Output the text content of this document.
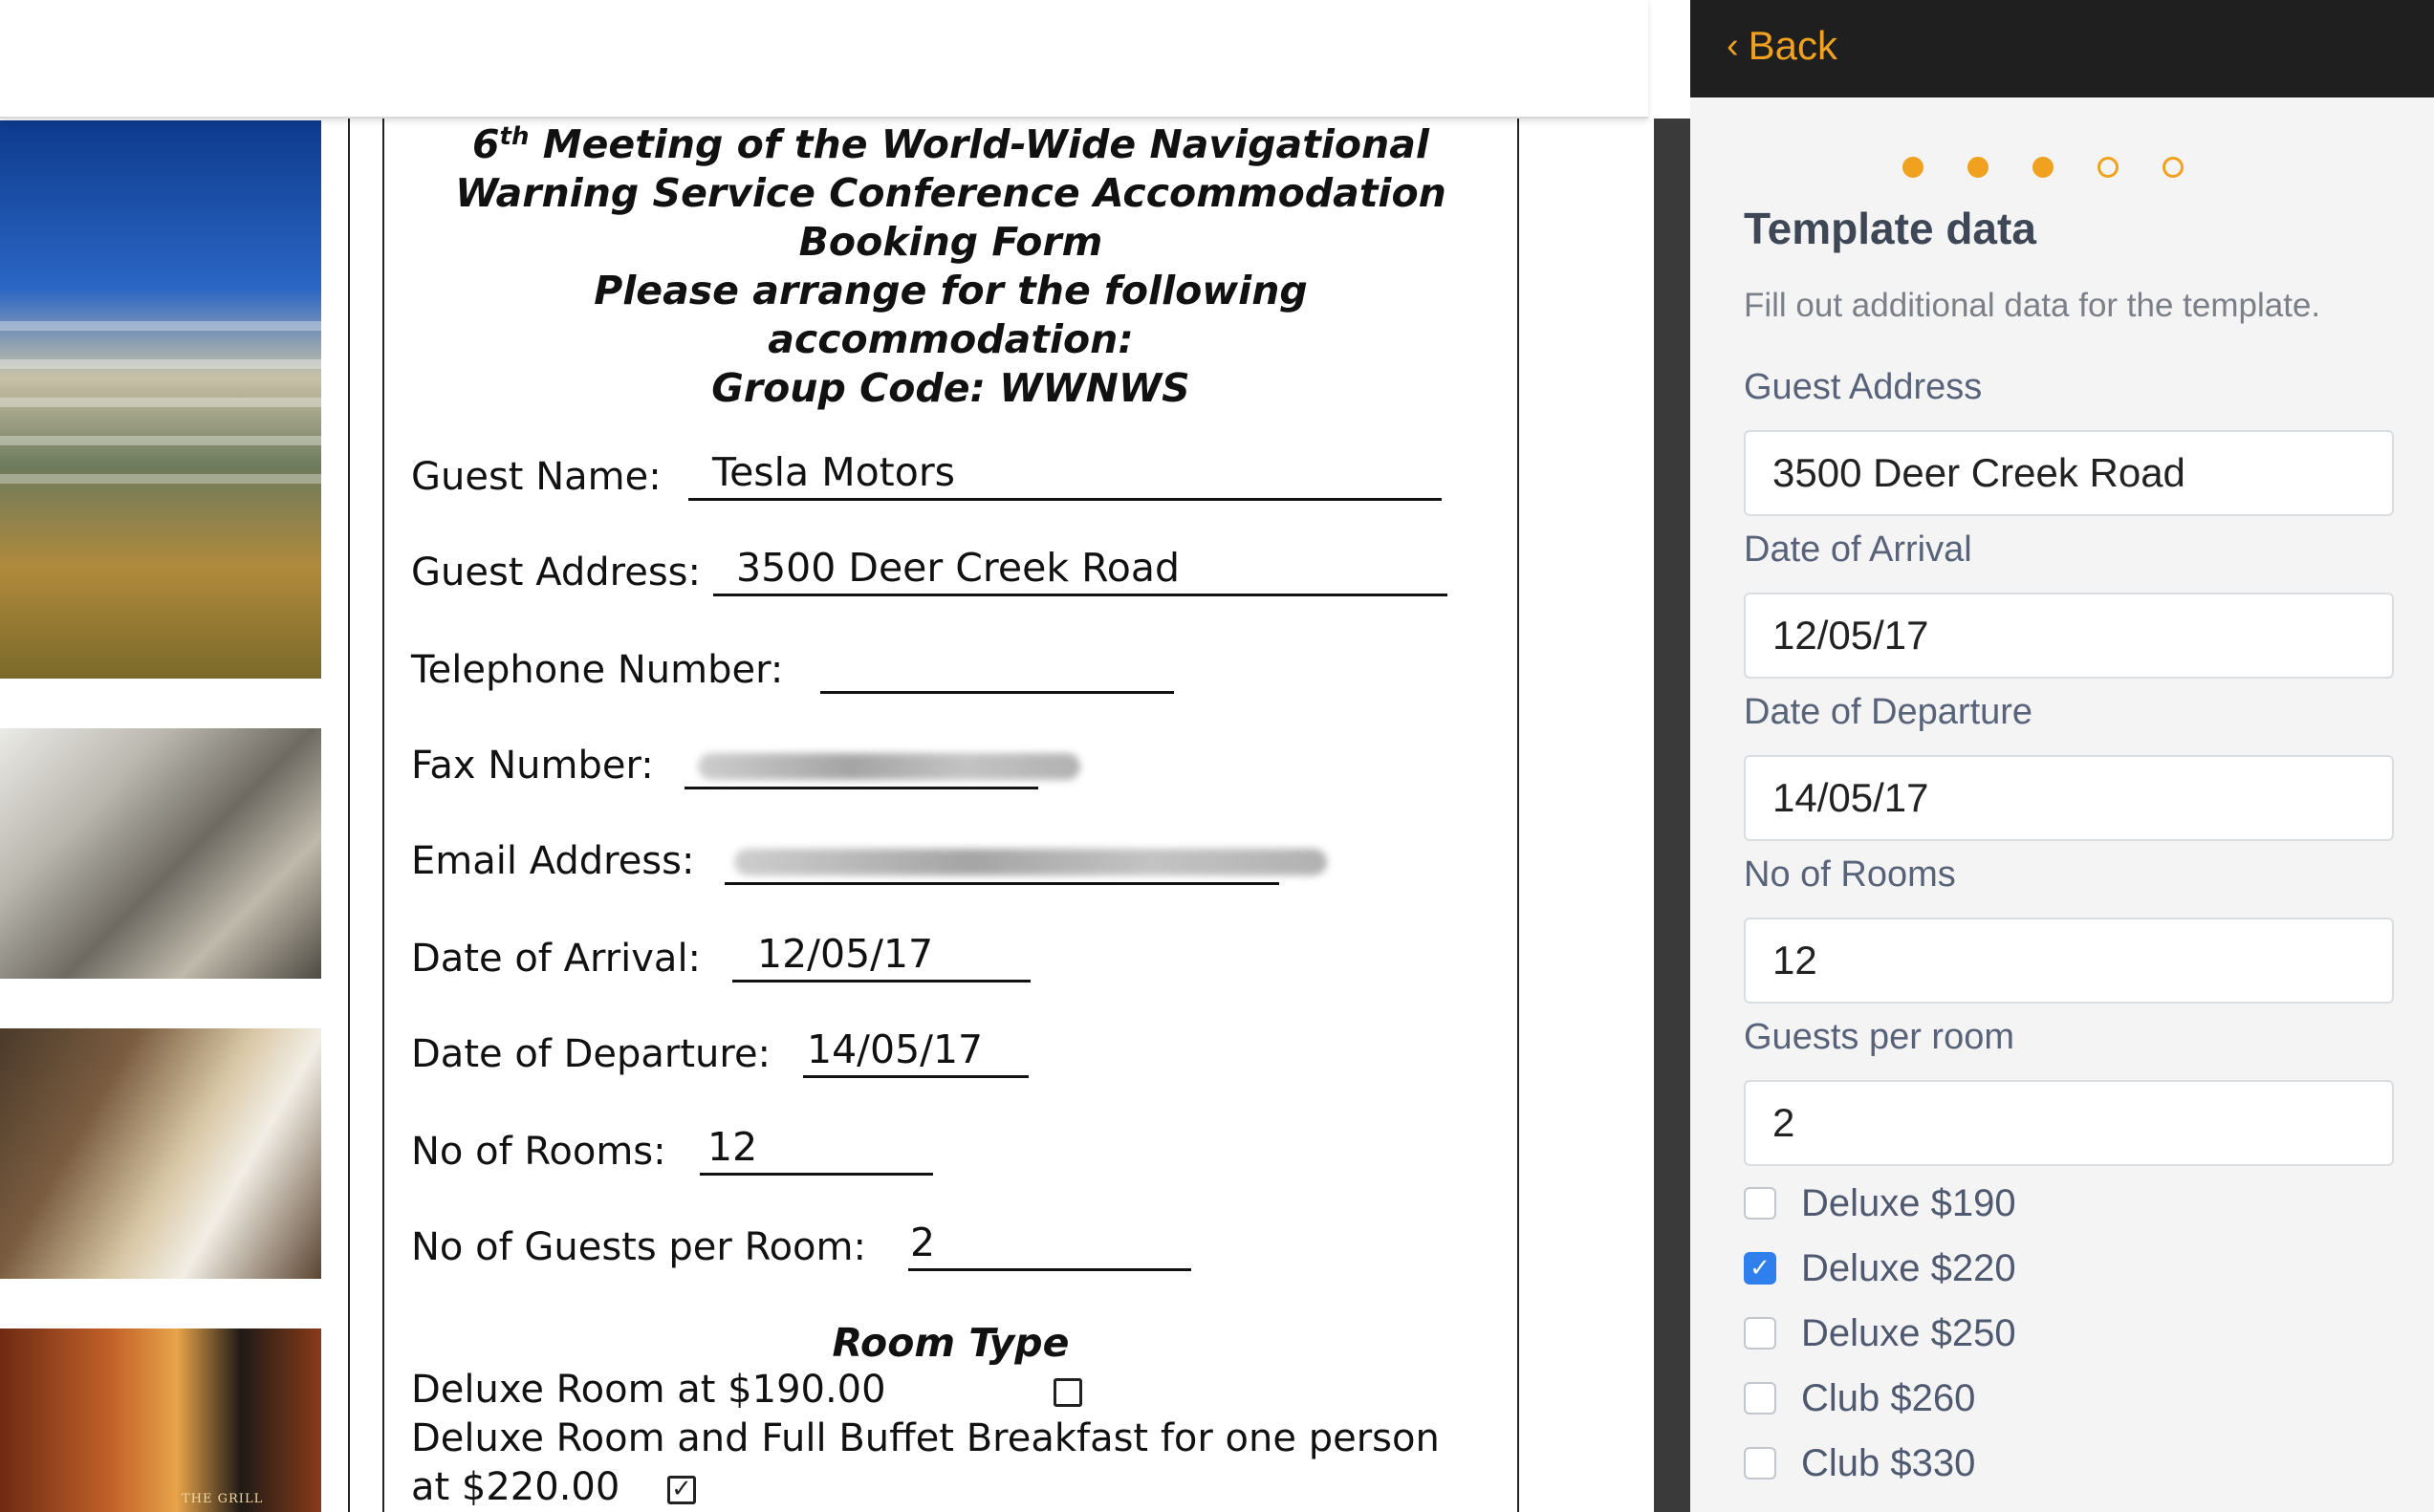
THE GRILL
6th Meeting of the World-Wide Navigational
Warning Service Conference Accommodation
Booking Form
Please arrange for the following
accommodation:
Group Code: WWNWS
Guest Name: Tesla Motors
Guest Address: 3500 Deer Creek Road
Telephone Number:
Fax Number:
Email Address:
Date of Arrival: 12/05/17
Date of Departure: 14/05/17
No of Rooms: 12
No of Guests per Room: 2
Room Type
Deluxe Room at $190.00
Deluxe Room and Full Buffet Breakfast for one person
at $220.00 ✓
‹ Back
Template data
Fill out additional data for the template.
Guest Address
3500 Deer Creek Road
Date of Arrival
12/05/17
Date of Departure
14/05/17
No of Rooms
12
Guests per room
2
Deluxe $190
✓ Deluxe $220
Deluxe $250
Club $260
Club $330
